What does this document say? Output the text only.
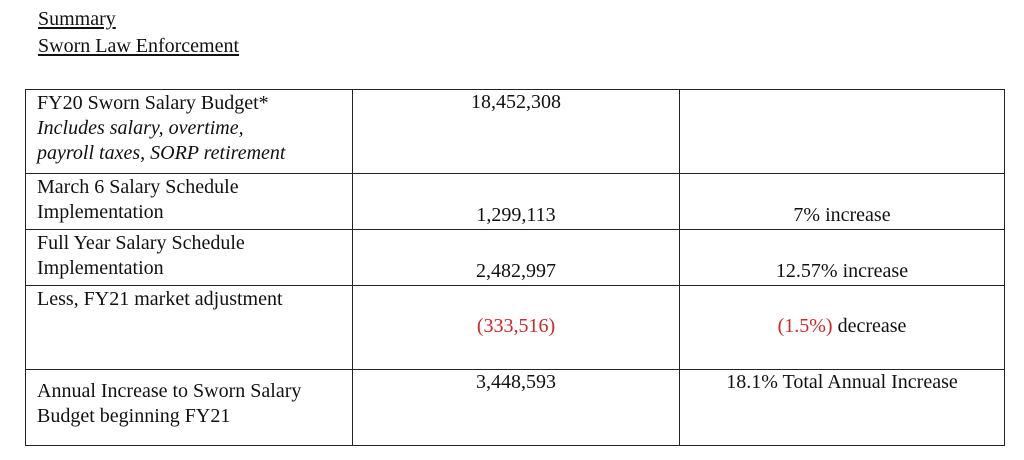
Summary
Sworn Law Enforcement
FY20 Sworn Salary Budget*
Includes salary, overtime,
payroll taxes, SORP retirement	18,452,308	

March 6 Salary Schedule
Implementation	1,299,113	7% increase

Full Year Salary Schedule
Implementation	2,482,997	12.57% increase

Less, FY21 market adjustment	(333,516)	(1.5%) decrease

Annual Increase to Sworn Salary
Budget beginning FY21	3,448,593	18.1% Total Annual Increase
